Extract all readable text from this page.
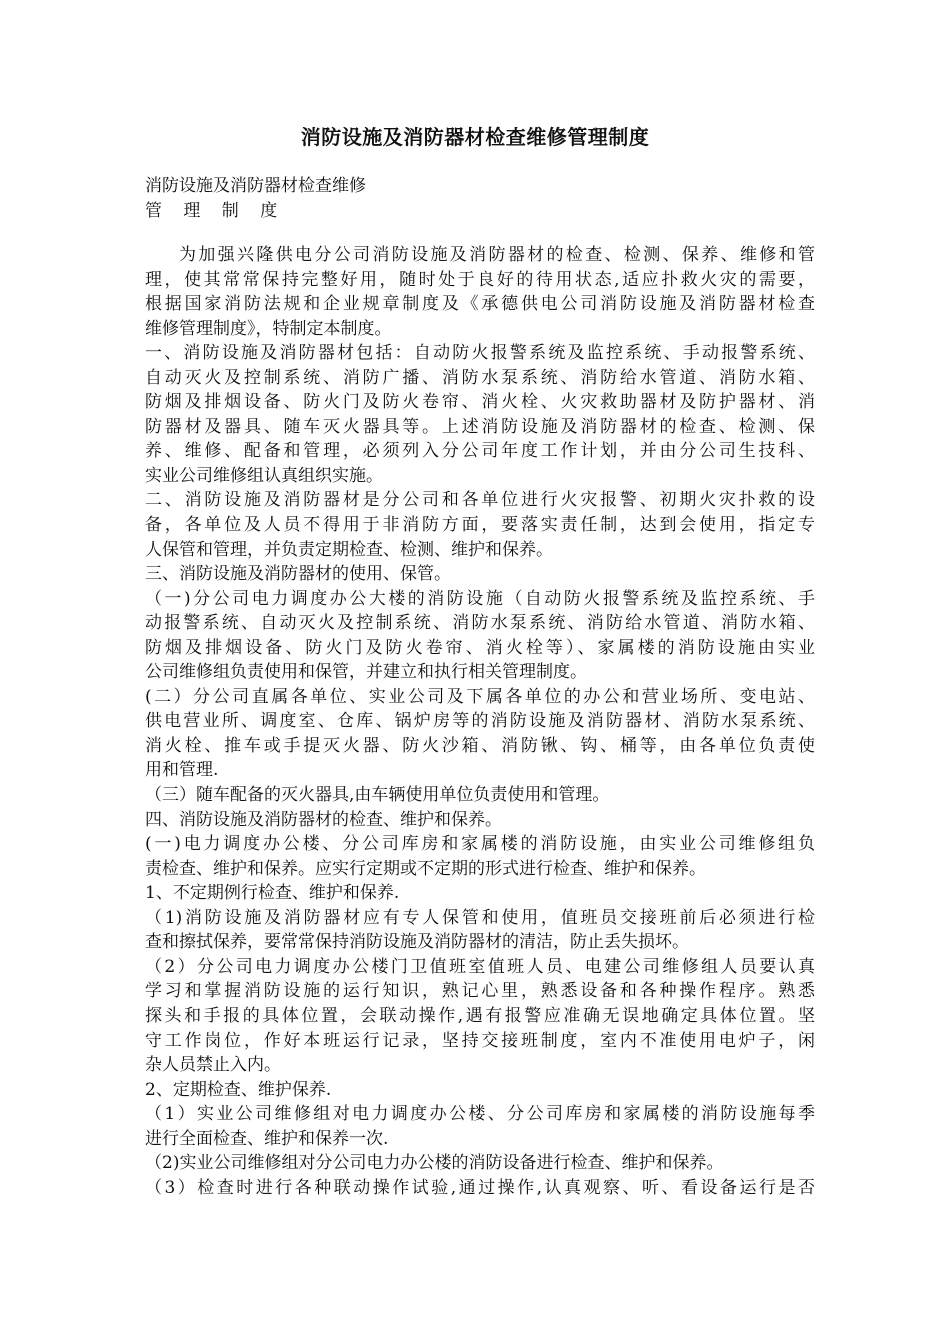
消防设施及消防器材检查维修管理制度
消防设施及消防器材检查维修
管 理 制 度
为加强兴隆供电分公司消防设施及消防器材的检查、检测、保养、维修和管
理，使其常常保持完整好用，随时处于良好的待用状态,适应扑救火灾的需要，
根据国家消防法规和企业规章制度及《承德供电公司消防设施及消防器材检查
维修管理制度》，特制定本制度。
一、消防设施及消防器材包括：自动防火报警系统及监控系统、手动报警系统、
自动灭火及控制系统、消防广播、消防水泵系统、消防给水管道、消防水箱、
防烟及排烟设备、防火门及防火卷帘、消火栓、火灾救助器材及防护器材、消
防器材及器具、随车灭火器具等。上述消防设施及消防器材的检查、检测、保
养、维修、配备和管理，必须列入分公司年度工作计划，并由分公司生技科、
实业公司维修组认真组织实施。
二、消防设施及消防器材是分公司和各单位进行火灾报警、初期火灾扑救的设
备，各单位及人员不得用于非消防方面，要落实责任制，达到会使用，指定专
人保管和管理，并负责定期检查、检测、维护和保养。
三、消防设施及消防器材的使用、保管。
（一)分公司电力调度办公大楼的消防设施（自动防火报警系统及监控系统、手
动报警系统、自动灭火及控制系统、消防水泵系统、消防给水管道、消防水箱、
防烟及排烟设备、防火门及防火卷帘、消火栓等）、家属楼的消防设施由实业
公司维修组负责使用和保管，并建立和执行相关管理制度。
(二）分公司直属各单位、实业公司及下属各单位的办公和营业场所、变电站、
供电营业所、调度室、仓库、锅炉房等的消防设施及消防器材、消防水泵系统、
消火栓、推车或手提灭火器、防火沙箱、消防锹、钩、桶等，由各单位负责使
用和管理.
（三）随车配备的灭火器具,由车辆使用单位负责使用和管理。
四、消防设施及消防器材的检查、维护和保养。
(一)电力调度办公楼、分公司库房和家属楼的消防设施，由实业公司维修组负
责检查、维护和保养。应实行定期或不定期的形式进行检查、维护和保养。
1、不定期例行检查、维护和保养.
（1)消防设施及消防器材应有专人保管和使用，值班员交接班前后必须进行检
查和擦拭保养，要常常保持消防设施及消防器材的清洁，防止丢失损坏。
（2）分公司电力调度办公楼门卫值班室值班人员、电建公司维修组人员要认真
学习和掌握消防设施的运行知识，熟记心里，熟悉设备和各种操作程序。熟悉
探头和手报的具体位置，会联动操作,遇有报警应准确无误地确定具体位置。坚
守工作岗位，作好本班运行记录，坚持交接班制度，室内不准使用电炉子，闲
杂人员禁止入内。
2、定期检查、维护保养.
（1）实业公司维修组对电力调度办公楼、分公司库房和家属楼的消防设施每季
进行全面检查、维护和保养一次.
（2)实业公司维修组对分公司电力办公楼的消防设备进行检查、维护和保养。
（3）检查时进行各种联动操作试验,通过操作,认真观察、听、看设备运行是否
